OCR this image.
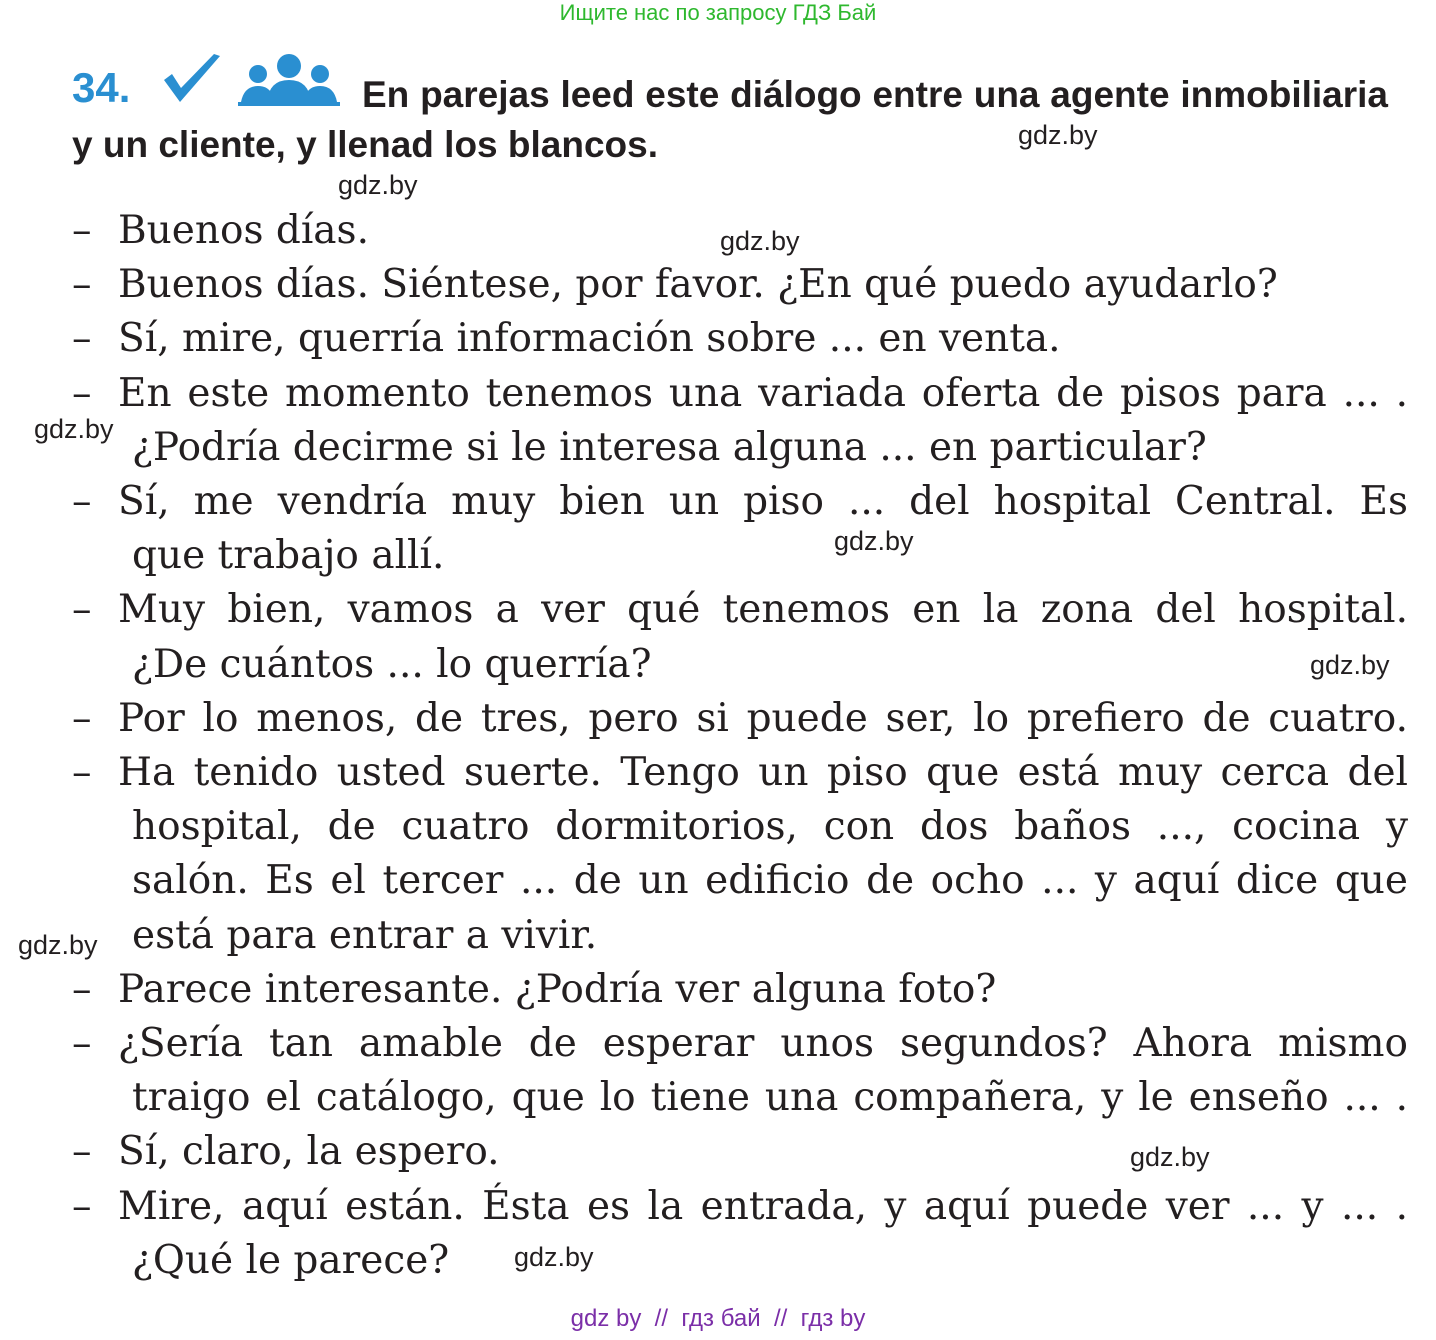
Ищите нас по запросу ГДЗ Бай
En parejas leed este diálogo entre una agente inmobiliaria y un cliente, y llenad los blancos.
34.
gdz.by
gdz.by
gdz.by
gdz.by
gdz.by
gdz.by
gdz.by
gdz.by
gdz.by
– Buenos días.
– Buenos días. Siéntese, por favor. ¿En qué puedo ayudarlo?
– Sí, mire, querría información sobre ... en venta.
– En este momento tenemos una variada oferta de pisos para ... .
¿Podría decirme si le interesa alguna ... en particular?
– Sí, me vendría muy bien un piso ... del hospital Central. Es
que trabajo allí.
– Muy bien, vamos a ver qué tenemos en la zona del hospital.
¿De cuántos ... lo querría?
– Por lo menos, de tres, pero si puede ser, lo prefiero de cuatro.
– Ha tenido usted suerte. Tengo un piso que está muy cerca del
hospital, de cuatro dormitorios, con dos baños ..., cocina y
salón. Es el tercer ... de un edificio de ocho ... y aquí dice que
está para entrar a vivir.
– Parece interesante. ¿Podría ver alguna foto?
– ¿Sería tan amable de esperar unos segundos? Ahora mismo
traigo el catálogo, que lo tiene una compañera, y le enseño ... .
– Sí, claro, la espero.
– Mire, aquí están. Ésta es la entrada, y aquí puede ver ... y ... .
¿Qué le parece?
gdz by  //  гдз бай  //  гдз by
